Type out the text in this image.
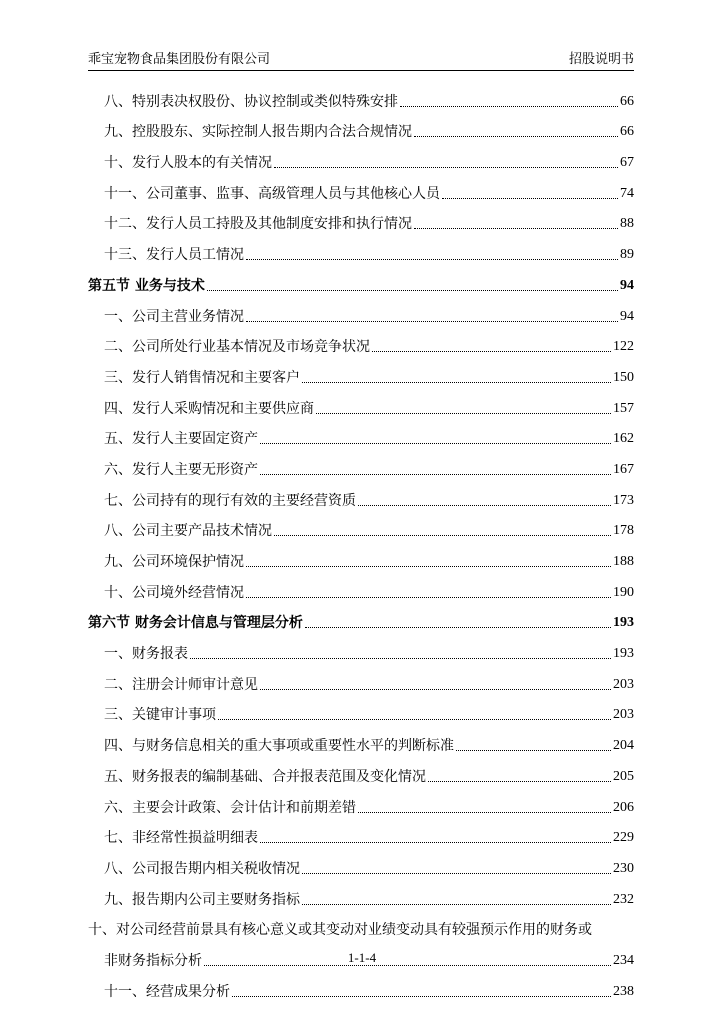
乖宝宠物食品集团股份有限公司	招股说明书
八、特别表决权股份、协议控制或类似特殊安排	66
九、控股股东、实际控制人报告期内合法合规情况	66
十、发行人股本的有关情况	67
十一、公司董事、监事、高级管理人员与其他核心人员	74
十二、发行人员工持股及其他制度安排和执行情况	88
十三、发行人员工情况	89
第五节 业务与技术	94
一、公司主营业务情况	94
二、公司所处行业基本情况及市场竞争状况	122
三、发行人销售情况和主要客户	150
四、发行人采购情况和主要供应商	157
五、发行人主要固定资产	162
六、发行人主要无形资产	167
七、公司持有的现行有效的主要经营资质	173
八、公司主要产品技术情况	178
九、公司环境保护情况	188
十、公司境外经营情况	190
第六节 财务会计信息与管理层分析	193
一、财务报表	193
二、注册会计师审计意见	203
三、关键审计事项	203
四、与财务信息相关的重大事项或重要性水平的判断标准	204
五、财务报表的编制基础、合并报表范围及变化情况	205
六、主要会计政策、会计估计和前期差错	206
七、非经常性损益明细表	229
八、公司报告期内相关税收情况	230
九、报告期内公司主要财务指标	232
十、对公司经营前景具有核心意义或其变动对业绩变动具有较强预示作用的财务或
非财务指标分析	234
十一、经营成果分析	238
1-1-4
